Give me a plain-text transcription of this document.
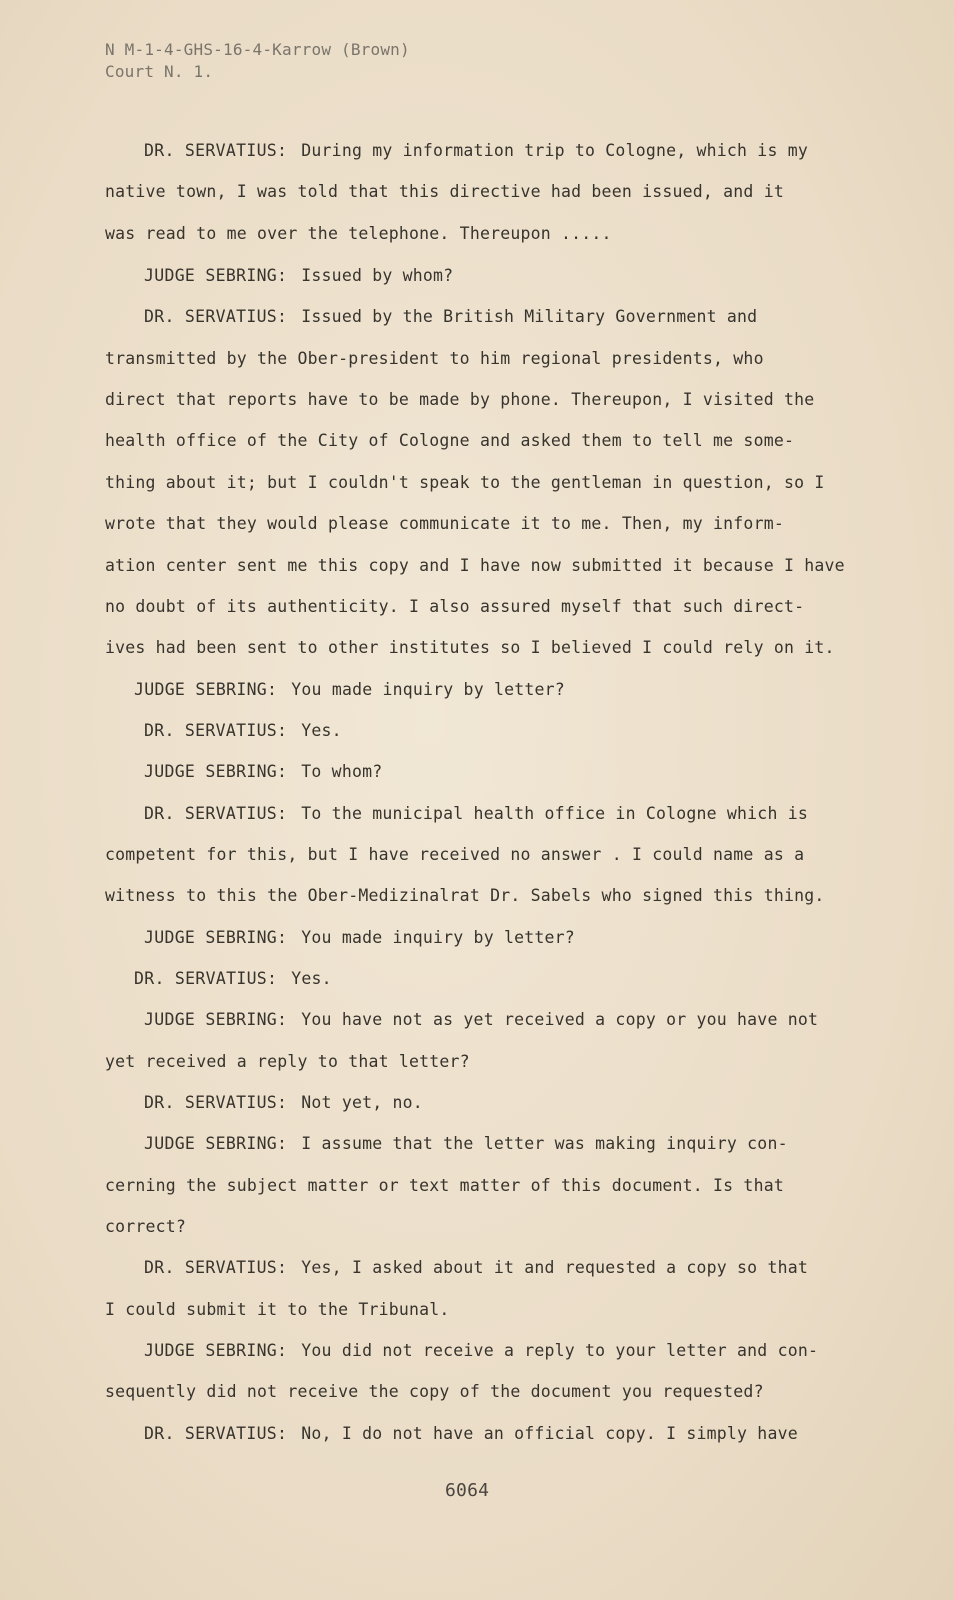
N M-1-4-GHS-16-4-Karrow (Brown)
Court N. 1.
DR. SERVATIUS: During my information trip to Cologne, which is my
native town, I was told that this directive had been issued, and it
was read to me over the telephone. Thereupon .....
JUDGE SEBRING: Issued by whom?
DR. SERVATIUS: Issued by the British Military Government and
transmitted by the Ober-president to him regional presidents, who
direct that reports have to be made by phone. Thereupon, I visited the
health office of the City of Cologne and asked them to tell me some-
thing about it; but I couldn't speak to the gentleman in question, so I
wrote that they would please communicate it to me. Then, my inform-
ation center sent me this copy and I have now submitted it because I have
no doubt of its authenticity. I also assured myself that such direct-
ives had been sent to other institutes so I believed I could rely on it.
JUDGE SEBRING: You made inquiry by letter?
DR. SERVATIUS: Yes.
JUDGE SEBRING: To whom?
DR. SERVATIUS: To the municipal health office in Cologne which is
competent for this, but I have received no answer . I could name as a
witness to this the Ober-Medizinalrat Dr. Sabels who signed this thing.
JUDGE SEBRING: You made inquiry by letter?
DR. SERVATIUS: Yes.
JUDGE SEBRING: You have not as yet received a copy or you have not
yet received a reply to that letter?
DR. SERVATIUS: Not yet, no.
JUDGE SEBRING: I assume that the letter was making inquiry con-
cerning the subject matter or text matter of this document. Is that
correct?
DR. SERVATIUS: Yes, I asked about it and requested a copy so that
I could submit it to the Tribunal.
JUDGE SEBRING: You did not receive a reply to your letter and con-
sequently did not receive the copy of the document you requested?
DR. SERVATIUS: No, I do not have an official copy. I simply have
6064
